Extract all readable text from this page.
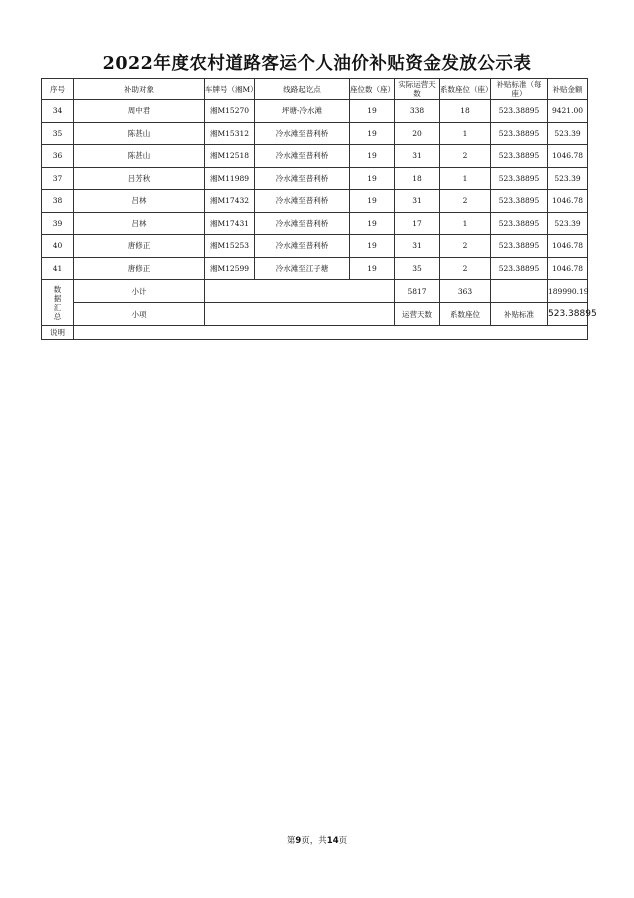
2022年度农村道路客运个人油价补贴资金发放公示表
序号	补助对象	车牌号（湘M）	线路起讫点	座位数（座）	实际运营天数	系数座位（座）	补贴标准（每座）	补贴金额
34	周中君	湘M15270	坪塘-冷水滩	19	338	18	523.38895	9421.00
35	陈甚山	湘M15312	冷水滩至普利桥	19	20	1	523.38895	523.39
36	陈甚山	湘M12518	冷水滩至普利桥	19	31	2	523.38895	1046.78
37	吕芳秋	湘M11989	冷水滩至普利桥	19	18	1	523.38895	523.39
38	吕林	湘M17432	冷水滩至普利桥	19	31	2	523.38895	1046.78
39	吕林	湘M17431	冷水滩至普利桥	19	17	1	523.38895	523.39
40	唐修正	湘M15253	冷水滩至普利桥	19	31	2	523.38895	1046.78
41	唐修正	湘M12599	冷水滩至江子塘	19	35	2	523.38895	1046.78
数
据
汇
总	小计				5817	363		189990.19
	小项				运营天数	系数座位	补贴标准	523.38895
说明								
第9页，共14页
